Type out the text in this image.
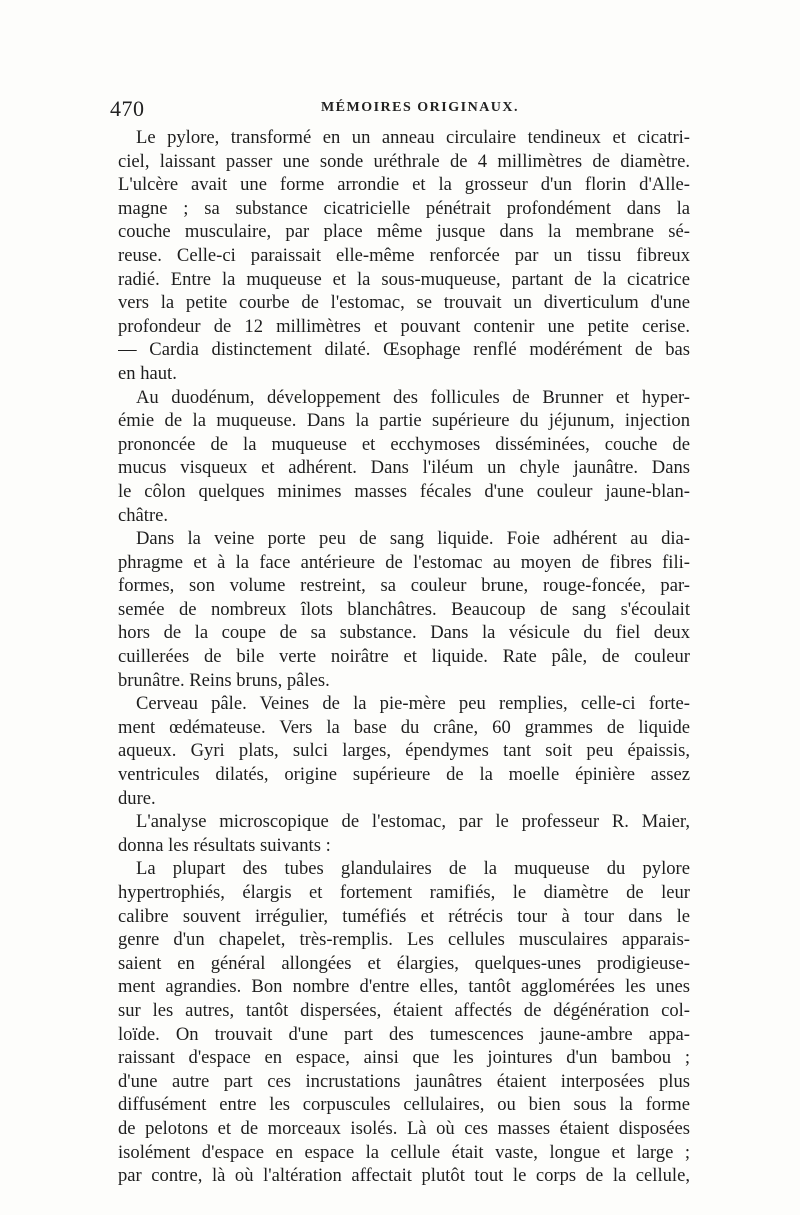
470	MÉMOIRES ORIGINAUX.
Le pylore, transformé en un anneau circulaire tendineux et cicatri-
ciel, laissant passer une sonde uréthrale de 4 millimètres de diamètre.
L'ulcère avait une forme arrondie et la grosseur d'un florin d'Alle-
magne ; sa substance cicatricielle pénétrait profondément dans la
couche musculaire, par place même jusque dans la membrane sé-
reuse. Celle-ci paraissait elle-même renforcée par un tissu fibreux
radié. Entre la muqueuse et la sous-muqueuse, partant de la cicatrice
vers la petite courbe de l'estomac, se trouvait un diverticulum d'une
profondeur de 12 millimètres et pouvant contenir une petite cerise.
— Cardia distinctement dilaté. Œsophage renflé modérément de bas
en haut.
Au duodénum, développement des follicules de Brunner et hyper-
émie de la muqueuse. Dans la partie supérieure du jéjunum, injection
prononcée de la muqueuse et ecchymoses disséminées, couche de
mucus visqueux et adhérent. Dans l'iléum un chyle jaunâtre. Dans
le côlon quelques minimes masses fécales d'une couleur jaune-blan-
châtre.
Dans la veine porte peu de sang liquide. Foie adhérent au dia-
phragme et à la face antérieure de l'estomac au moyen de fibres fili-
formes, son volume restreint, sa couleur brune, rouge-foncée, par-
semée de nombreux îlots blanchâtres. Beaucoup de sang s'écoulait
hors de la coupe de sa substance. Dans la vésicule du fiel deux
cuillerées de bile verte noirâtre et liquide. Rate pâle, de couleur
brunâtre. Reins bruns, pâles.
Cerveau pâle. Veines de la pie-mère peu remplies, celle-ci forte-
ment œdémateuse. Vers la base du crâne, 60 grammes de liquide
aqueux. Gyri plats, sulci larges, épendymes tant soit peu épaissis,
ventricules dilatés, origine supérieure de la moelle épinière assez
dure.
L'analyse microscopique de l'estomac, par le professeur R. Maier,
donna les résultats suivants :
La plupart des tubes glandulaires de la muqueuse du pylore
hypertrophiés, élargis et fortement ramifiés, le diamètre de leur
calibre souvent irrégulier, tuméfiés et rétrécis tour à tour dans le
genre d'un chapelet, très-remplis. Les cellules musculaires apparais-
saient en général allongées et élargies, quelques-unes prodigieuse-
ment agrandies. Bon nombre d'entre elles, tantôt agglomérées les unes
sur les autres, tantôt dispersées, étaient affectés de dégénération col-
loïde. On trouvait d'une part des tumescences jaune-ambre appa-
raissant d'espace en espace, ainsi que les jointures d'un bambou ;
d'une autre part ces incrustations jaunâtres étaient interposées plus
diffusément entre les corpuscules cellulaires, ou bien sous la forme
de pelotons et de morceaux isolés. Là où ces masses étaient disposées
isolément d'espace en espace la cellule était vaste, longue et large ;
par contre, là où l'altération affectait plutôt tout le corps de la cellule,
